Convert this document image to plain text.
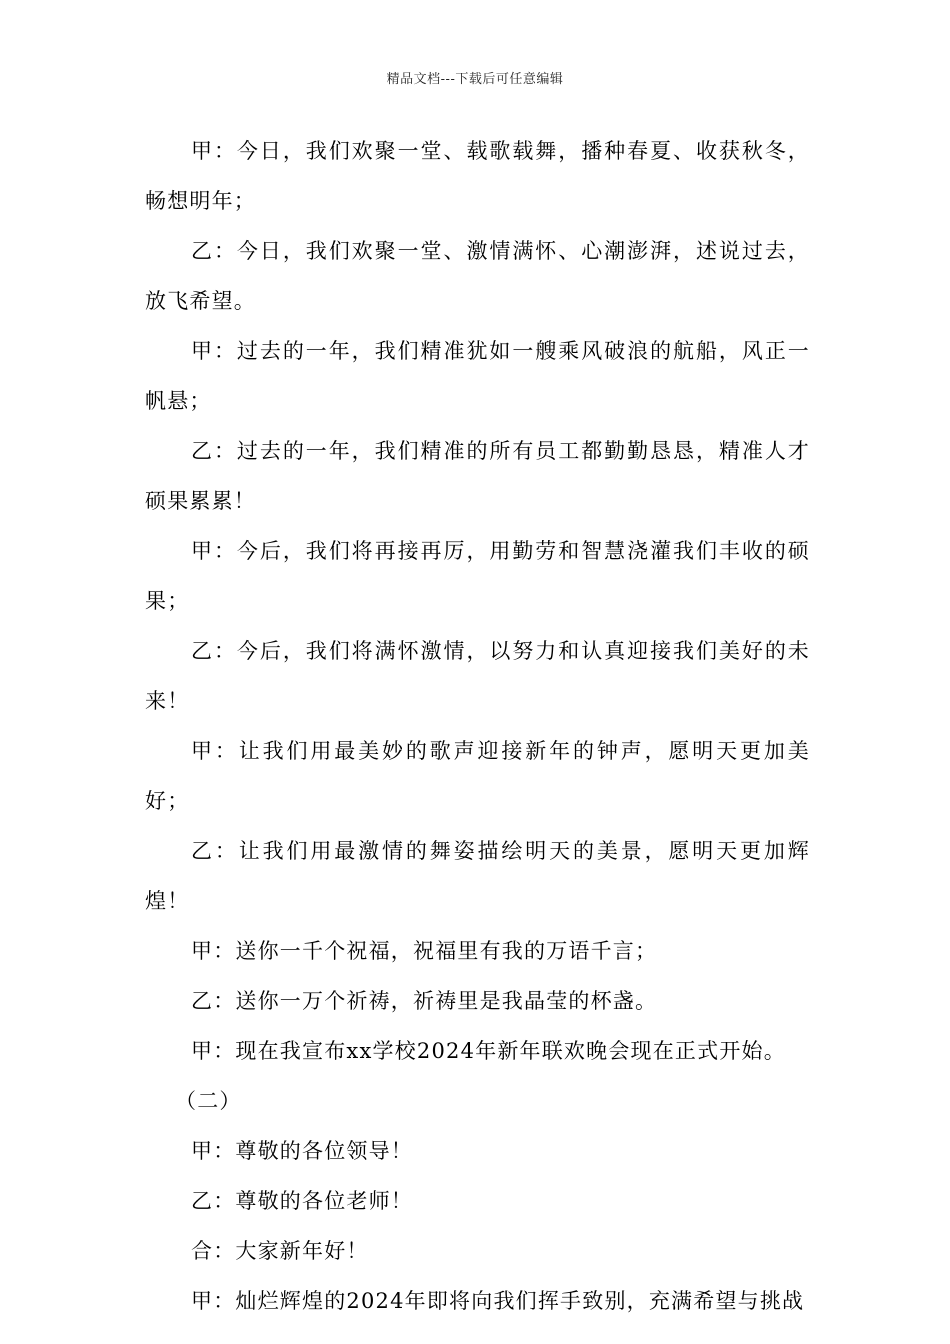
精品文档---下载后可任意编辑

甲：今日，我们欢聚一堂、载歌载舞，播种春夏、收获秋冬，畅想明年；

乙：今日，我们欢聚一堂、激情满怀、心潮澎湃，述说过去，放飞希望。

甲：过去的一年，我们精准犹如一艘乘风破浪的航船，风正一帆悬；

乙：过去的一年，我们精准的所有员工都勤勤恳恳，精准人才硕果累累！

甲：今后，我们将再接再厉，用勤劳和智慧浇灌我们丰收的硕果；

乙：今后，我们将满怀激情，以努力和认真迎接我们美好的未来！

甲：让我们用最美妙的歌声迎接新年的钟声，愿明天更加美好；

乙：让我们用最激情的舞姿描绘明天的美景，愿明天更加辉煌！

甲：送你一千个祝福，祝福里有我的万语千言；

乙：送你一万个祈祷，祈祷里是我晶莹的杯盏。

甲：现在我宣布xx学校2024年新年联欢晚会现在正式开始。

（二）

甲：尊敬的各位领导！

乙：尊敬的各位老师！

合：大家新年好！

甲：灿烂辉煌的2024年即将向我们挥手致别，充满希望与挑战
